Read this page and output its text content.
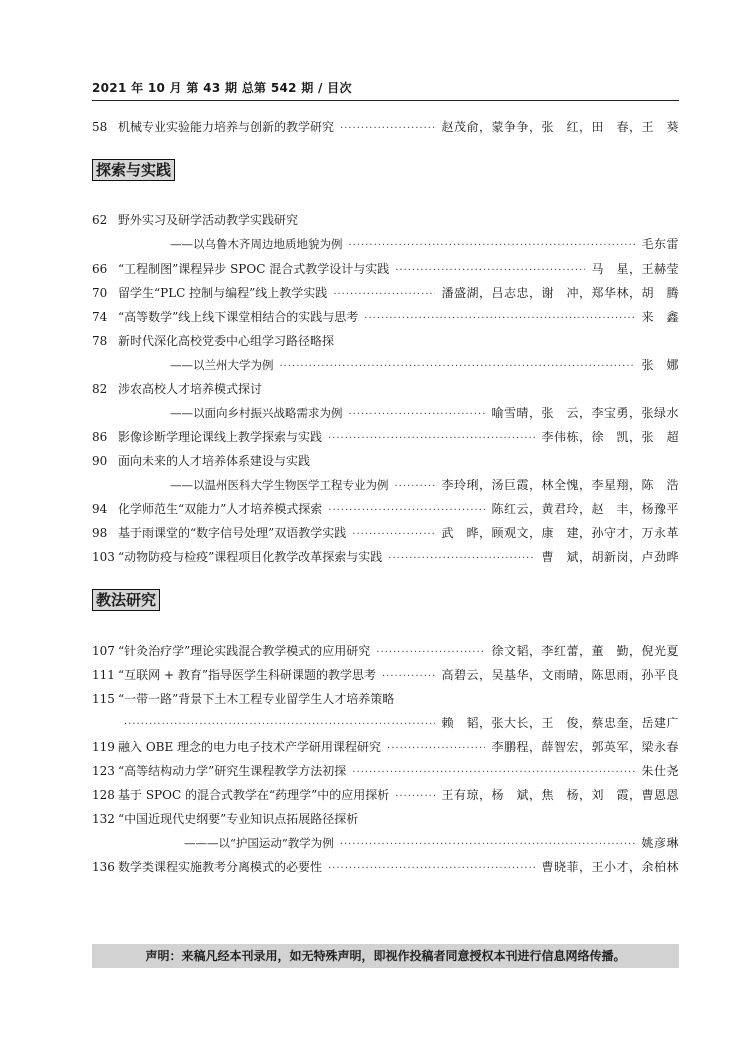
2021 年 10 月 第 43 期 总第 542 期 / 目次
58 机械专业实验能力培养与创新的教学研究 ·····	赵茂俞，蒙争争，张　红，田　春，王　葵
探索与实践
62 野外实习及研学活动教学实践研究
——以乌鲁木齐周边地质地貌为例 ·····	毛东雷
66 “工程制图”课程异步 SPOC 混合式教学设计与实践 ·····	马　星，王赫莹
70 留学生“PLC 控制与编程”线上教学实践 ·····	潘盛湖，吕志忠，谢　冲，郑华林，胡　腾
74 “高等数学”线上线下课堂相结合的实践与思考 ·····	来　鑫
78 新时代深化高校党委中心组学习路径略探
——以兰州大学为例 ·····	张　娜
82 涉农高校人才培养模式探讨
——以面向乡村振兴战略需求为例 ·····	喻雪晴，张　云，李宝勇，张绿水
86 影像诊断学理论课线上教学探索与实践 ·····	李伟栋，徐　凯，张　超
90 面向未来的人才培养体系建设与实践
——以温州医科大学生物医学工程专业为例 ·····	李玲琍，汤巨霞，林全愧，李星翔，陈　浩
94 化学师范生“双能力”人才培养模式探索 ·····	陈红云，黄君玲，赵　丰，杨豫平
98 基于雨课堂的“数字信号处理”双语教学实践 ·····	武　晔，顾观文，康　建，孙守才，万永革
103 “动物防疫与检疫”课程项目化教学改革探索与实践 ·····	曹　斌，胡新岗，卢劲晔
教法研究
107 “针灸治疗学”理论实践混合教学模式的应用研究 ·····	徐文韬，李红蕾，董　勤，倪光夏
111 “互联网 + 教育”指导医学生科研课题的教学思考 ·····	高碧云，吴基华，文雨晴，陈思雨，孙平良
115 “一带一路”背景下土木工程专业留学生人才培养策略
·····
赖　韬，张大长，王　俊，蔡忠奎，岳建广
119 融入 OBE 理念的电力电子技术产学研用课程研究 ·····	李鹏程，薛智宏，郭英军，梁永春
123 “高等结构动力学”研究生课程教学方法初探 ·····	朱仕尧
128 基于 SPOC 的混合式教学在“药理学”中的应用探析 ·····	王有琼，杨　斌，焦　杨，刘　霞，曹恩恩
132 “中国近现代史纲要”专业知识点拓展路径探析
———以“护国运动”教学为例 ·····	姚彦琳
136 数学类课程实施教考分离模式的必要性 ·····	曹晓菲，王小才，余柏林
声明：来稿凡经本刊录用，如无特殊声明，即视作投稿者同意授权本刊进行信息网络传播。
